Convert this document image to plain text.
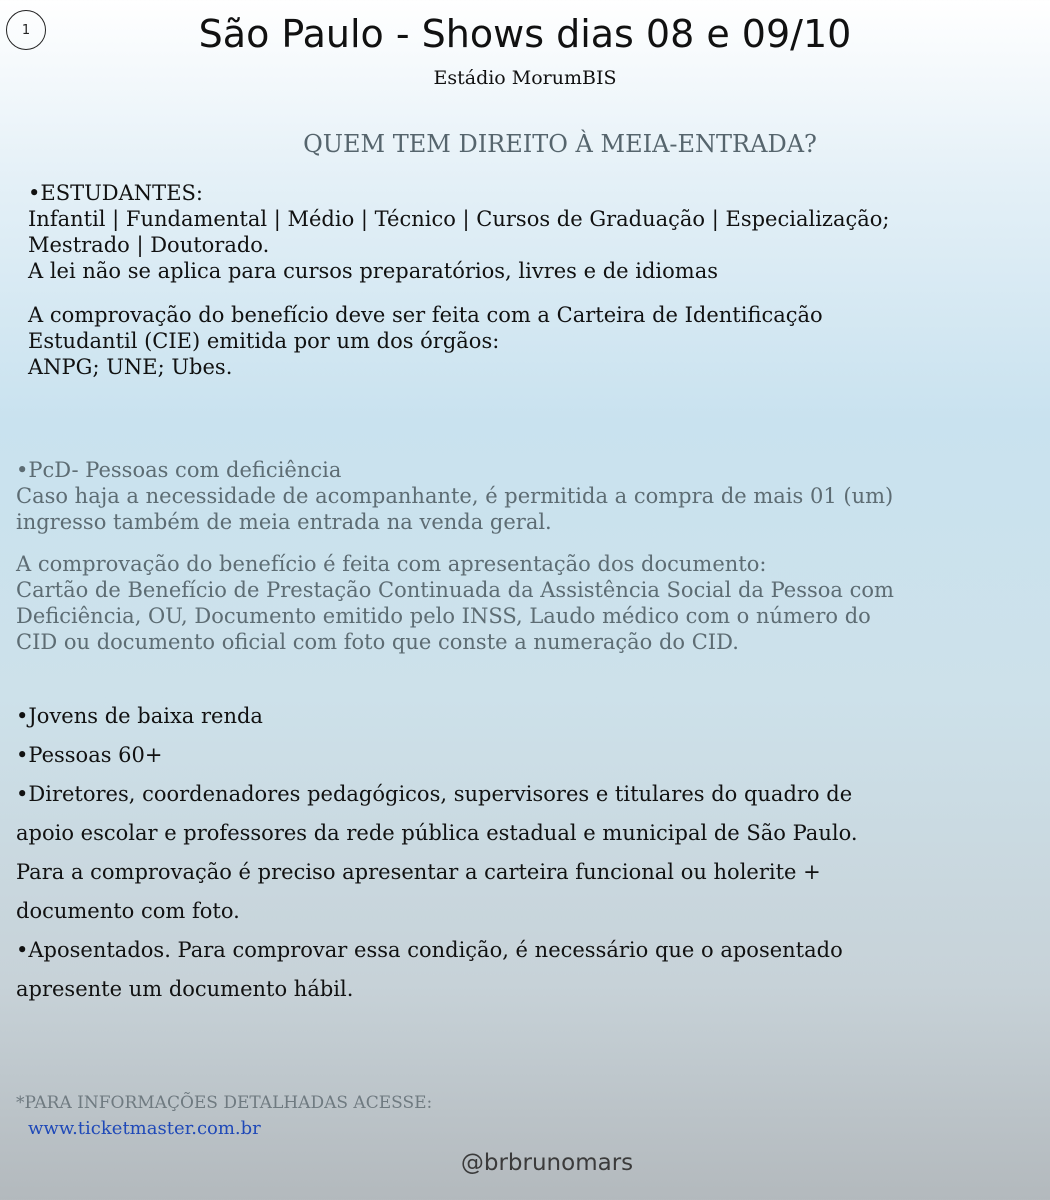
1	São Paulo - Shows dias 08 e 09/10
Estádio MorumBIS
QUEM TEM DIREITO À MEIA-ENTRADA?
•ESTUDANTES:
Infantil | Fundamental | Médio | Técnico | Cursos de Graduação | Especialização;
Mestrado | Doutorado.
A lei não se aplica para cursos preparatórios, livres e de idiomas
A comprovação do benefício deve ser feita com a Carteira de Identificação
Estudantil (CIE) emitida por um dos órgãos:
ANPG; UNE; Ubes.
•PcD- Pessoas com deficiência
Caso haja a necessidade de acompanhante, é permitida a compra de mais 01 (um)
ingresso também de meia entrada na venda geral.
A comprovação do benefício é feita com apresentação dos documento:
Cartão de Benefício de Prestação Continuada da Assistência Social da Pessoa com
Deficiência, OU, Documento emitido pelo INSS, Laudo médico com o número do
CID ou documento oficial com foto que conste a numeração do CID.
•Jovens de baixa renda
•Pessoas 60+
•Diretores, coordenadores pedagógicos, supervisores e titulares do quadro de
apoio escolar e professores da rede pública estadual e municipal de São Paulo.
Para a comprovação é preciso apresentar a carteira funcional ou holerite +
documento com foto.
•Aposentados. Para comprovar essa condição, é necessário que o aposentado
apresente um documento hábil.
*PARA INFORMAÇÕES DETALHADAS ACESSE:
www.ticketmaster.com.br
@brbrunomars
